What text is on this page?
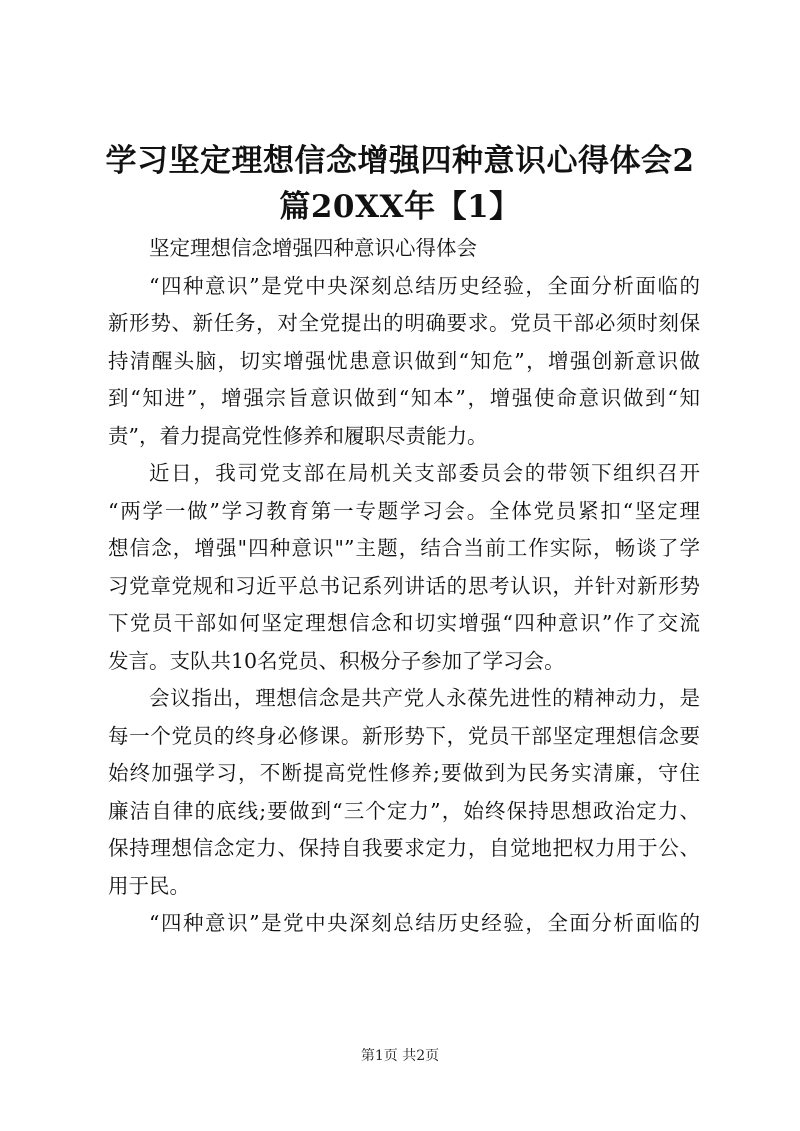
学习坚定理想信念增强四种意识心得体会2
篇20XX年【1】

坚定理想信念增强四种意识心得体会

“四种意识”是党中央深刻总结历史经验，全面分析面临的
新形势、新任务，对全党提出的明确要求。党员干部必须时刻保
持清醒头脑，切实增强忧患意识做到“知危”，增强创新意识做
到“知进”，增强宗旨意识做到“知本”，增强使命意识做到“知
责”，着力提高党性修养和履职尽责能力。

近日，我司党支部在局机关支部委员会的带领下组织召开
“两学一做”学习教育第一专题学习会。全体党员紧扣“坚定理
想信念，增强"四种意识"”主题，结合当前工作实际，畅谈了学
习党章党规和习近平总书记系列讲话的思考认识，并针对新形势
下党员干部如何坚定理想信念和切实增强“四种意识”作了交流
发言。支队共10名党员、积极分子参加了学习会。

会议指出，理想信念是共产党人永葆先进性的精神动力，是
每一个党员的终身必修课。新形势下，党员干部坚定理想信念要
始终加强学习，不断提高党性修养;要做到为民务实清廉，守住
廉洁自律的底线;要做到“三个定力”，始终保持思想政治定力、
保持理想信念定力、保持自我要求定力，自觉地把权力用于公、
用于民。

“四种意识”是党中央深刻总结历史经验，全面分析面临的

第1页 共2页
